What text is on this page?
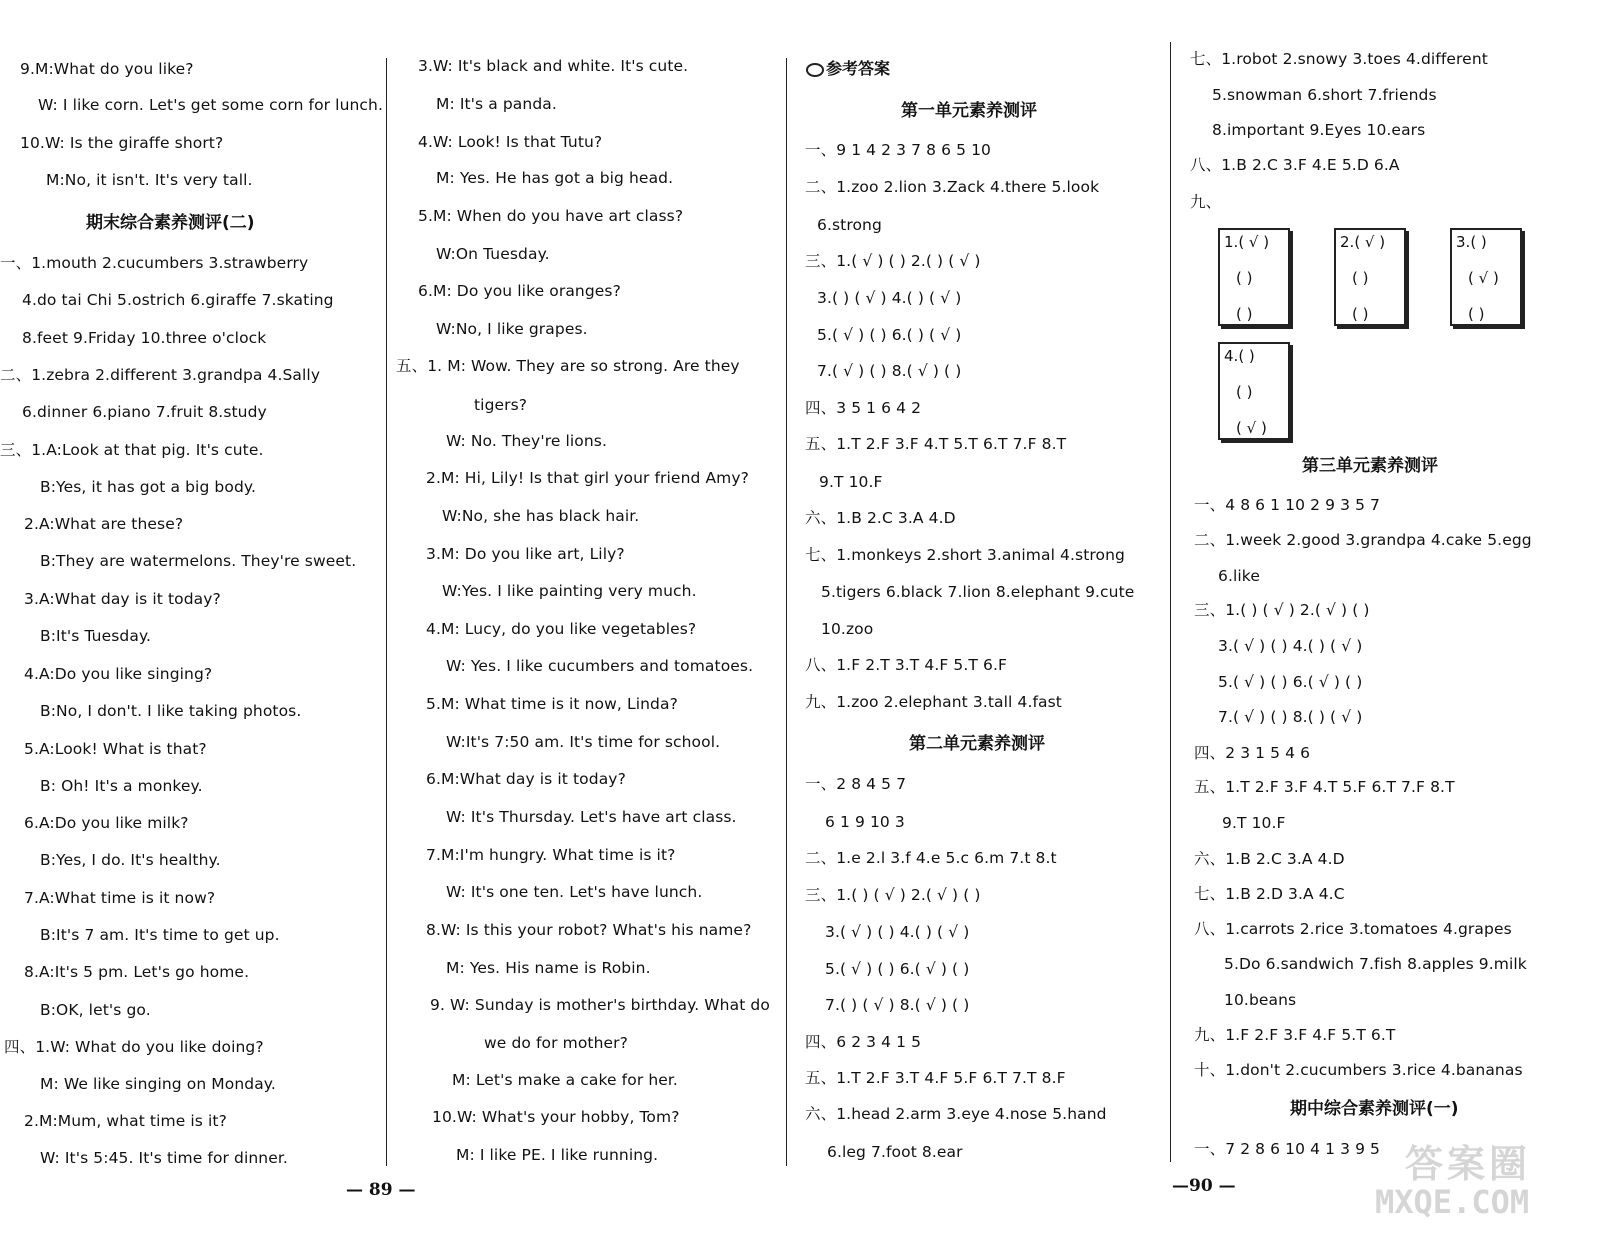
9.M:What do you like?
W: I like corn. Let's get some corn for lunch.
10.W: Is the giraffe short?
M:No, it isn't. It's very tall.
一、1.mouth 2.cucumbers 3.strawberry
4.do tai Chi 5.ostrich 6.giraffe 7.skating
8.feet 9.Friday 10.three o'clock
二、1.zebra 2.different 3.grandpa 4.Sally
6.dinner 6.piano 7.fruit 8.study
三、1.A:Look at that pig. It's cute.
B:Yes, it has got a big body.
2.A:What are these?
B:They are watermelons. They're sweet.
3.A:What day is it today?
B:It's Tuesday.
4.A:Do you like singing?
B:No, I don't. I like taking photos.
5.A:Look! What is that?
B: Oh! It's a monkey.
6.A:Do you like milk?
B:Yes, I do. It's healthy.
7.A:What time is it now?
B:It's 7 am. It's time to get up.
8.A:It's 5 pm. Let's go home.
B:OK, let's go.
四、1.W: What do you like doing?
M: We like singing on Monday.
2.M:Mum, what time is it?
W: It's 5:45. It's time for dinner.
期末综合素养测评(二)
3.W: It's black and white. It's cute.
M: It's a panda.
4.W: Look! Is that Tutu?
M: Yes. He has got a big head.
5.M: When do you have art class?
W:On Tuesday.
6.M: Do you like oranges?
W:No, I like grapes.
五、1. M: Wow. They are so strong. Are they
tigers?
W: No. They're lions.
2.M: Hi, Lily! Is that girl your friend Amy?
W:No, she has black hair.
3.M: Do you like art, Lily?
W:Yes. I like painting very much.
4.M: Lucy, do you like vegetables?
W: Yes. I like cucumbers and tomatoes.
5.M: What time is it now, Linda?
W:It's 7:50 am. It's time for school.
6.M:What day is it today?
W: It's Thursday. Let's have art class.
7.M:I'm hungry. What time is it?
W: It's one ten. Let's have lunch.
8.W: Is this your robot? What's his name?
M: Yes. His name is Robin.
9. W: Sunday is mother's birthday. What do
we do for mother?
M: Let's make a cake for her.
10.W: What's your hobby, Tom?
M: I like PE. I like running.
参考答案
一、9 1 4 2 3 7 8 6 5 10
二、1.zoo 2.lion 3.Zack 4.there 5.look
6.strong
三、1.( √ ) ( ) 2.( ) ( √ )
3.( ) ( √ ) 4.( ) ( √ )
5.( √ ) ( ) 6.( ) ( √ )
7.( √ ) ( ) 8.( √ ) ( )
四、3 5 1 6 4 2
五、1.T 2.F 3.F 4.T 5.T 6.T 7.F 8.T
9.T 10.F
六、1.B 2.C 3.A 4.D
七、1.monkeys 2.short 3.animal 4.strong
5.tigers 6.black 7.lion 8.elephant 9.cute
10.zoo
八、1.F 2.T 3.T 4.F 5.T 6.F
九、1.zoo 2.elephant 3.tall 4.fast
一、2 8 4 5 7
6 1 9 10 3
二、1.e 2.l 3.f 4.e 5.c 6.m 7.t 8.t
三、1.( ) ( √ ) 2.( √ ) ( )
3.( √ ) ( ) 4.( ) ( √ )
5.( √ ) ( ) 6.( √ ) ( )
7.( ) ( √ ) 8.( √ ) ( )
四、6 2 3 4 1 5
五、1.T 2.F 3.T 4.F 5.F 6.T 7.T 8.F
六、1.head 2.arm 3.eye 4.nose 5.hand
6.leg 7.foot 8.ear
第一单元素养测评
第二单元素养测评
七、1.robot 2.snowy 3.toes 4.different
5.snowman 6.short 7.friends
8.important 9.Eyes 10.ears
八、1.B 2.C 3.F 4.E 5.D 6.A
九、
一、4 8 6 1 10 2 9 3 5 7
二、1.week 2.good 3.grandpa 4.cake 5.egg
6.like
三、1.( ) ( √ ) 2.( √ ) ( )
3.( √ ) ( ) 4.( ) ( √ )
5.( √ ) ( ) 6.( √ ) ( )
7.( √ ) ( ) 8.( ) ( √ )
四、2 3 1 5 4 6
五、1.T 2.F 3.F 4.T 5.F 6.T 7.F 8.T
9.T 10.F
六、1.B 2.C 3.A 4.D
七、1.B 2.D 3.A 4.C
八、1.carrots 2.rice 3.tomatoes 4.grapes
5.Do 6.sandwich 7.fish 8.apples 9.milk
10.beans
九、1.F 2.F 3.F 4.F 5.T 6.T
十、1.don't 2.cucumbers 3.rice 4.bananas
一、7 2 8 6 10 4 1 3 9 5
第三单元素养测评
期中综合素养测评(一)
1.( √ )
( )
( )
2.( √ )
( )
( )
3.( )
( √ )
( )
4.( )
( )
( √ )
— 89 —	—90 —	答案圈
MXQE.COM
